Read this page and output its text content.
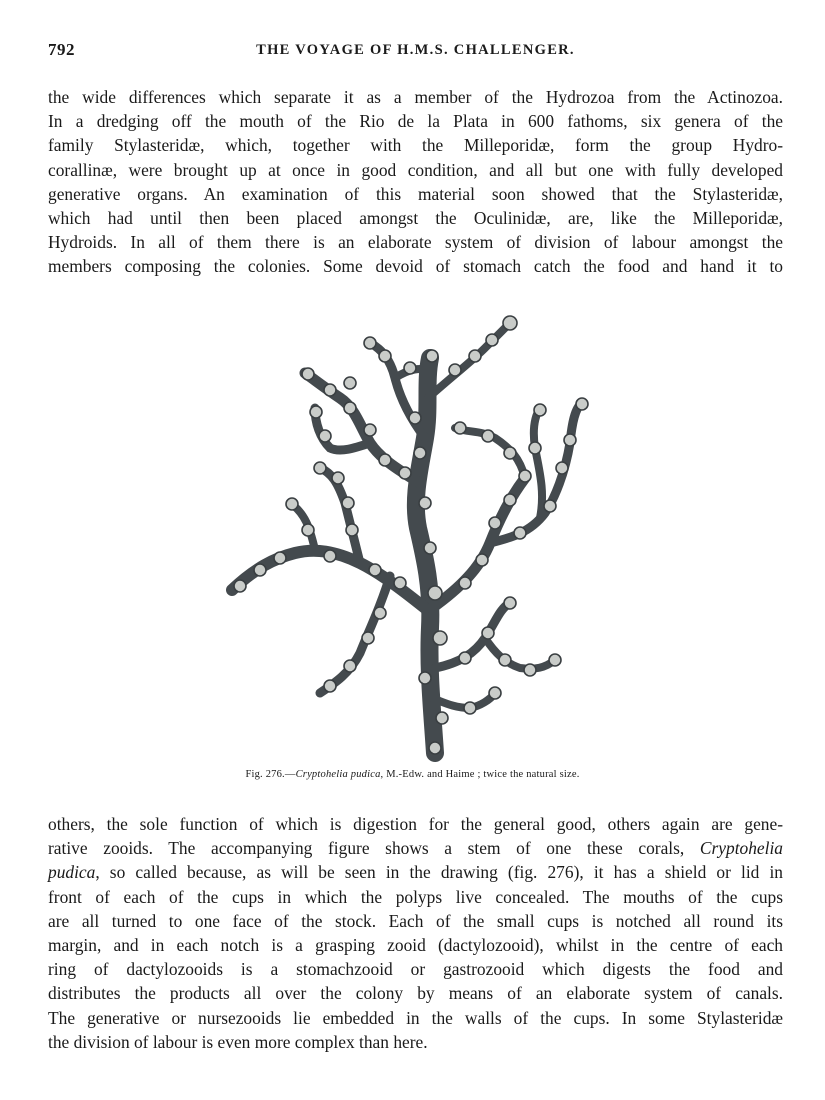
792	THE VOYAGE OF H.M.S. CHALLENGER.
the wide differences which separate it as a member of the Hydrozoa from the Actinozoa.
In a dredging off the mouth of the Rio de la Plata in 600 fathoms, six genera of the
family Stylasteridæ, which, together with the Milleporidæ, form the group Hydro-
corallinæ, were brought up at once in good condition, and all but one with fully developed
generative organs. An examination of this material soon showed that the Stylasteridæ,
which had until then been placed amongst the Oculinidæ, are, like the Milleporidæ,
Hydroids. In all of them there is an elaborate system of division of labour amongst the
members composing the colonies. Some devoid of stomach catch the food and hand it to
Fig. 276.—Cryptohelia pudica, M.-Edw. and Haime ; twice the natural size.
others, the sole function of which is digestion for the general good, others again are gene-
rative zooids. The accompanying figure shows a stem of one these corals, Cryptohelia
pudica, so called because, as will be seen in the drawing (fig. 276), it has a shield or lid in
front of each of the cups in which the polyps live concealed. The mouths of the cups
are all turned to one face of the stock. Each of the small cups is notched all round its
margin, and in each notch is a grasping zooid (dactylozooid), whilst in the centre of each
ring of dactylozooids is a stomachzooid or gastrozooid which digests the food and
distributes the products all over the colony by means of an elaborate system of canals.
The generative or nursezooids lie embedded in the walls of the cups. In some Stylasteridæ
the division of labour is even more complex than here.
